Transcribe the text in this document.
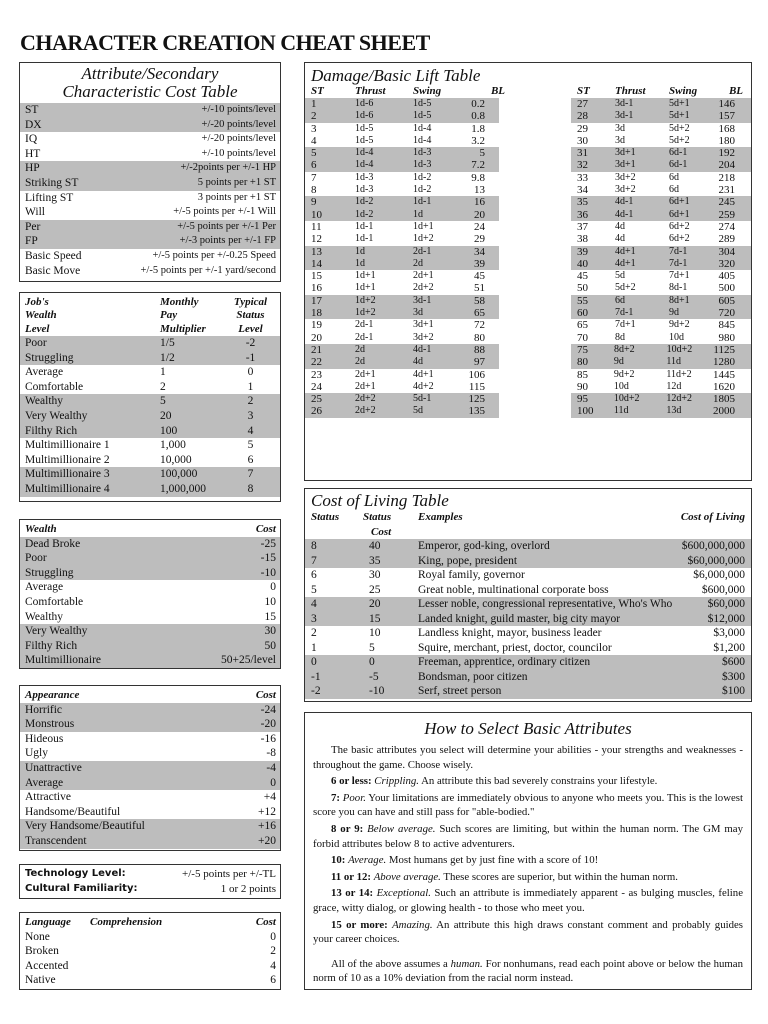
CHARACTER CREATION CHEAT SHEET
Attribute/Secondary
Characteristic Cost Table
ST	+/-10 points/level
DX	+/-20 points/level
IQ	+/-20 points/level
HT	+/-10 points/level
HP	+/-2points per +/-1 HP
Striking ST	5 points per +1 ST
Lifting ST	3 points per +1 ST
Will	+/-5 points per +/-1 Will
Per	+/-5 points per +/-1 Per
FP	+/-3 points per +/-1 FP
Basic Speed	+/-5 points per +/-0.25 Speed
Basic Move	+/-5 points per +/-1 yard/second
Job's	Monthly	Typical
Wealth	Pay	Status
Level	Multiplier	Level
Poor	1/5	-2
Struggling	1/2	-1
Average	1	0
Comfortable	2	1
Wealthy	5	2
Very Wealthy	20	3
Filthy Rich	100	4
Multimillionaire 1	1,000	5
Multimillionaire 2	10,000	6
Multimillionaire 3	100,000	7
Multimillionaire 4	1,000,000	8
Wealth	Cost
Dead Broke	-25
Poor	-15
Struggling	-10
Average	0
Comfortable	10
Wealthy	15
Very Wealthy	30
Filthy Rich	50
Multimillionaire	50+25/level
Appearance	Cost
Horrific	-24
Monstrous	-20
Hideous	-16
Ugly	-8
Unattractive	-4
Average	0
Attractive	+4
Handsome/Beautiful	+12
Very Handsome/Beautiful	+16
Transcendent	+20
Technology Level:	+/-5 points per +/-TL
Cultural Familiarity:	1 or 2 points
Language	Comprehension	Cost
None	0
Broken	2
Accented	4
Native	6
Damage/Basic Lift Table
ST	Thrust	Swing	BL	ST	Thrust	Swing	BL
1	1d-6	1d-5	0.2
2	1d-6	1d-5	0.8
3	1d-5	1d-4	1.8
4	1d-5	1d-4	3.2
5	1d-4	1d-3	5
6	1d-4	1d-3	7.2
7	1d-3	1d-2	9.8
8	1d-3	1d-2	13
9	1d-2	1d-1	16
10	1d-2	1d	20
11	1d-1	1d+1	24
12	1d-1	1d+2	29
13	1d	2d-1	34
14	1d	2d	39
15	1d+1	2d+1	45
16	1d+1	2d+2	51
17	1d+2	3d-1	58
18	1d+2	3d	65
19	2d-1	3d+1	72
20	2d-1	3d+2	80
21	2d	4d-1	88
22	2d	4d	97
23	2d+1	4d+1	106
24	2d+1	4d+2	115
25	2d+2	5d-1	125
26	2d+2	5d	135
27	3d-1	5d+1	146
28	3d-1	5d+1	157
29	3d	5d+2	168
30	3d	5d+2	180
31	3d+1	6d-1	192
32	3d+1	6d-1	204
33	3d+2	6d	218
34	3d+2	6d	231
35	4d-1	6d+1	245
36	4d-1	6d+1	259
37	4d	6d+2	274
38	4d	6d+2	289
39	4d+1	7d-1	304
40	4d+1	7d-1	320
45	5d	7d+1	405
50	5d+2	8d-1	500
55	6d	8d+1	605
60	7d-1	9d	720
65	7d+1	9d+2	845
70	8d	10d	980
75	8d+2	10d+2	1125
80	9d	11d	1280
85	9d+2	11d+2	1445
90	10d	12d	1620
95	10d+2	12d+2	1805
100	11d	13d	2000
Cost of Living Table
Status	Status	Examples	Cost of Living
Cost
8	40	Emperor, god-king, overlord	$600,000,000
7	35	King, pope, president	$60,000,000
6	30	Royal family, governor	$6,000,000
5	25	Great noble, multinational corporate boss	$600,000
4	20	Lesser noble, congressional representative, Who's Who	$60,000
3	15	Landed knight, guild master, big city mayor	$12,000
2	10	Landless knight, mayor, business leader	$3,000
1	5	Squire, merchant, priest, doctor, councilor	$1,200
0	0	Freeman, apprentice, ordinary citizen	$600
-1	-5	Bondsman, poor citizen	$300
-2	-10	Serf, street person	$100
How to Select Basic Attributes

The basic attributes you select will determine your abilities - your strengths and weaknesses - throughout the game. Choose wisely.

6 or less: Crippling. An attribute this bad severely constrains your lifestyle.

7: Poor. Your limitations are immediately obvious to anyone who meets you. This is the lowest score you can have and still pass for "able-bodied."

8 or 9: Below average. Such scores are limiting, but within the human norm. The GM may forbid attributes below 8 to active adventurers.

10: Average. Most humans get by just fine with a score of 10!

11 or 12: Above average. These scores are superior, but within the human norm.

13 or 14: Exceptional. Such an attribute is immediately apparent - as bulging muscles, feline grace, witty dialog, or glowing health - to those who meet you.

15 or more: Amazing. An attribute this high draws constant comment and probably guides your career choices.

All of the above assumes a human. For nonhumans, read each point above or below the human norm of 10 as a 10% deviation from the racial norm instead.
